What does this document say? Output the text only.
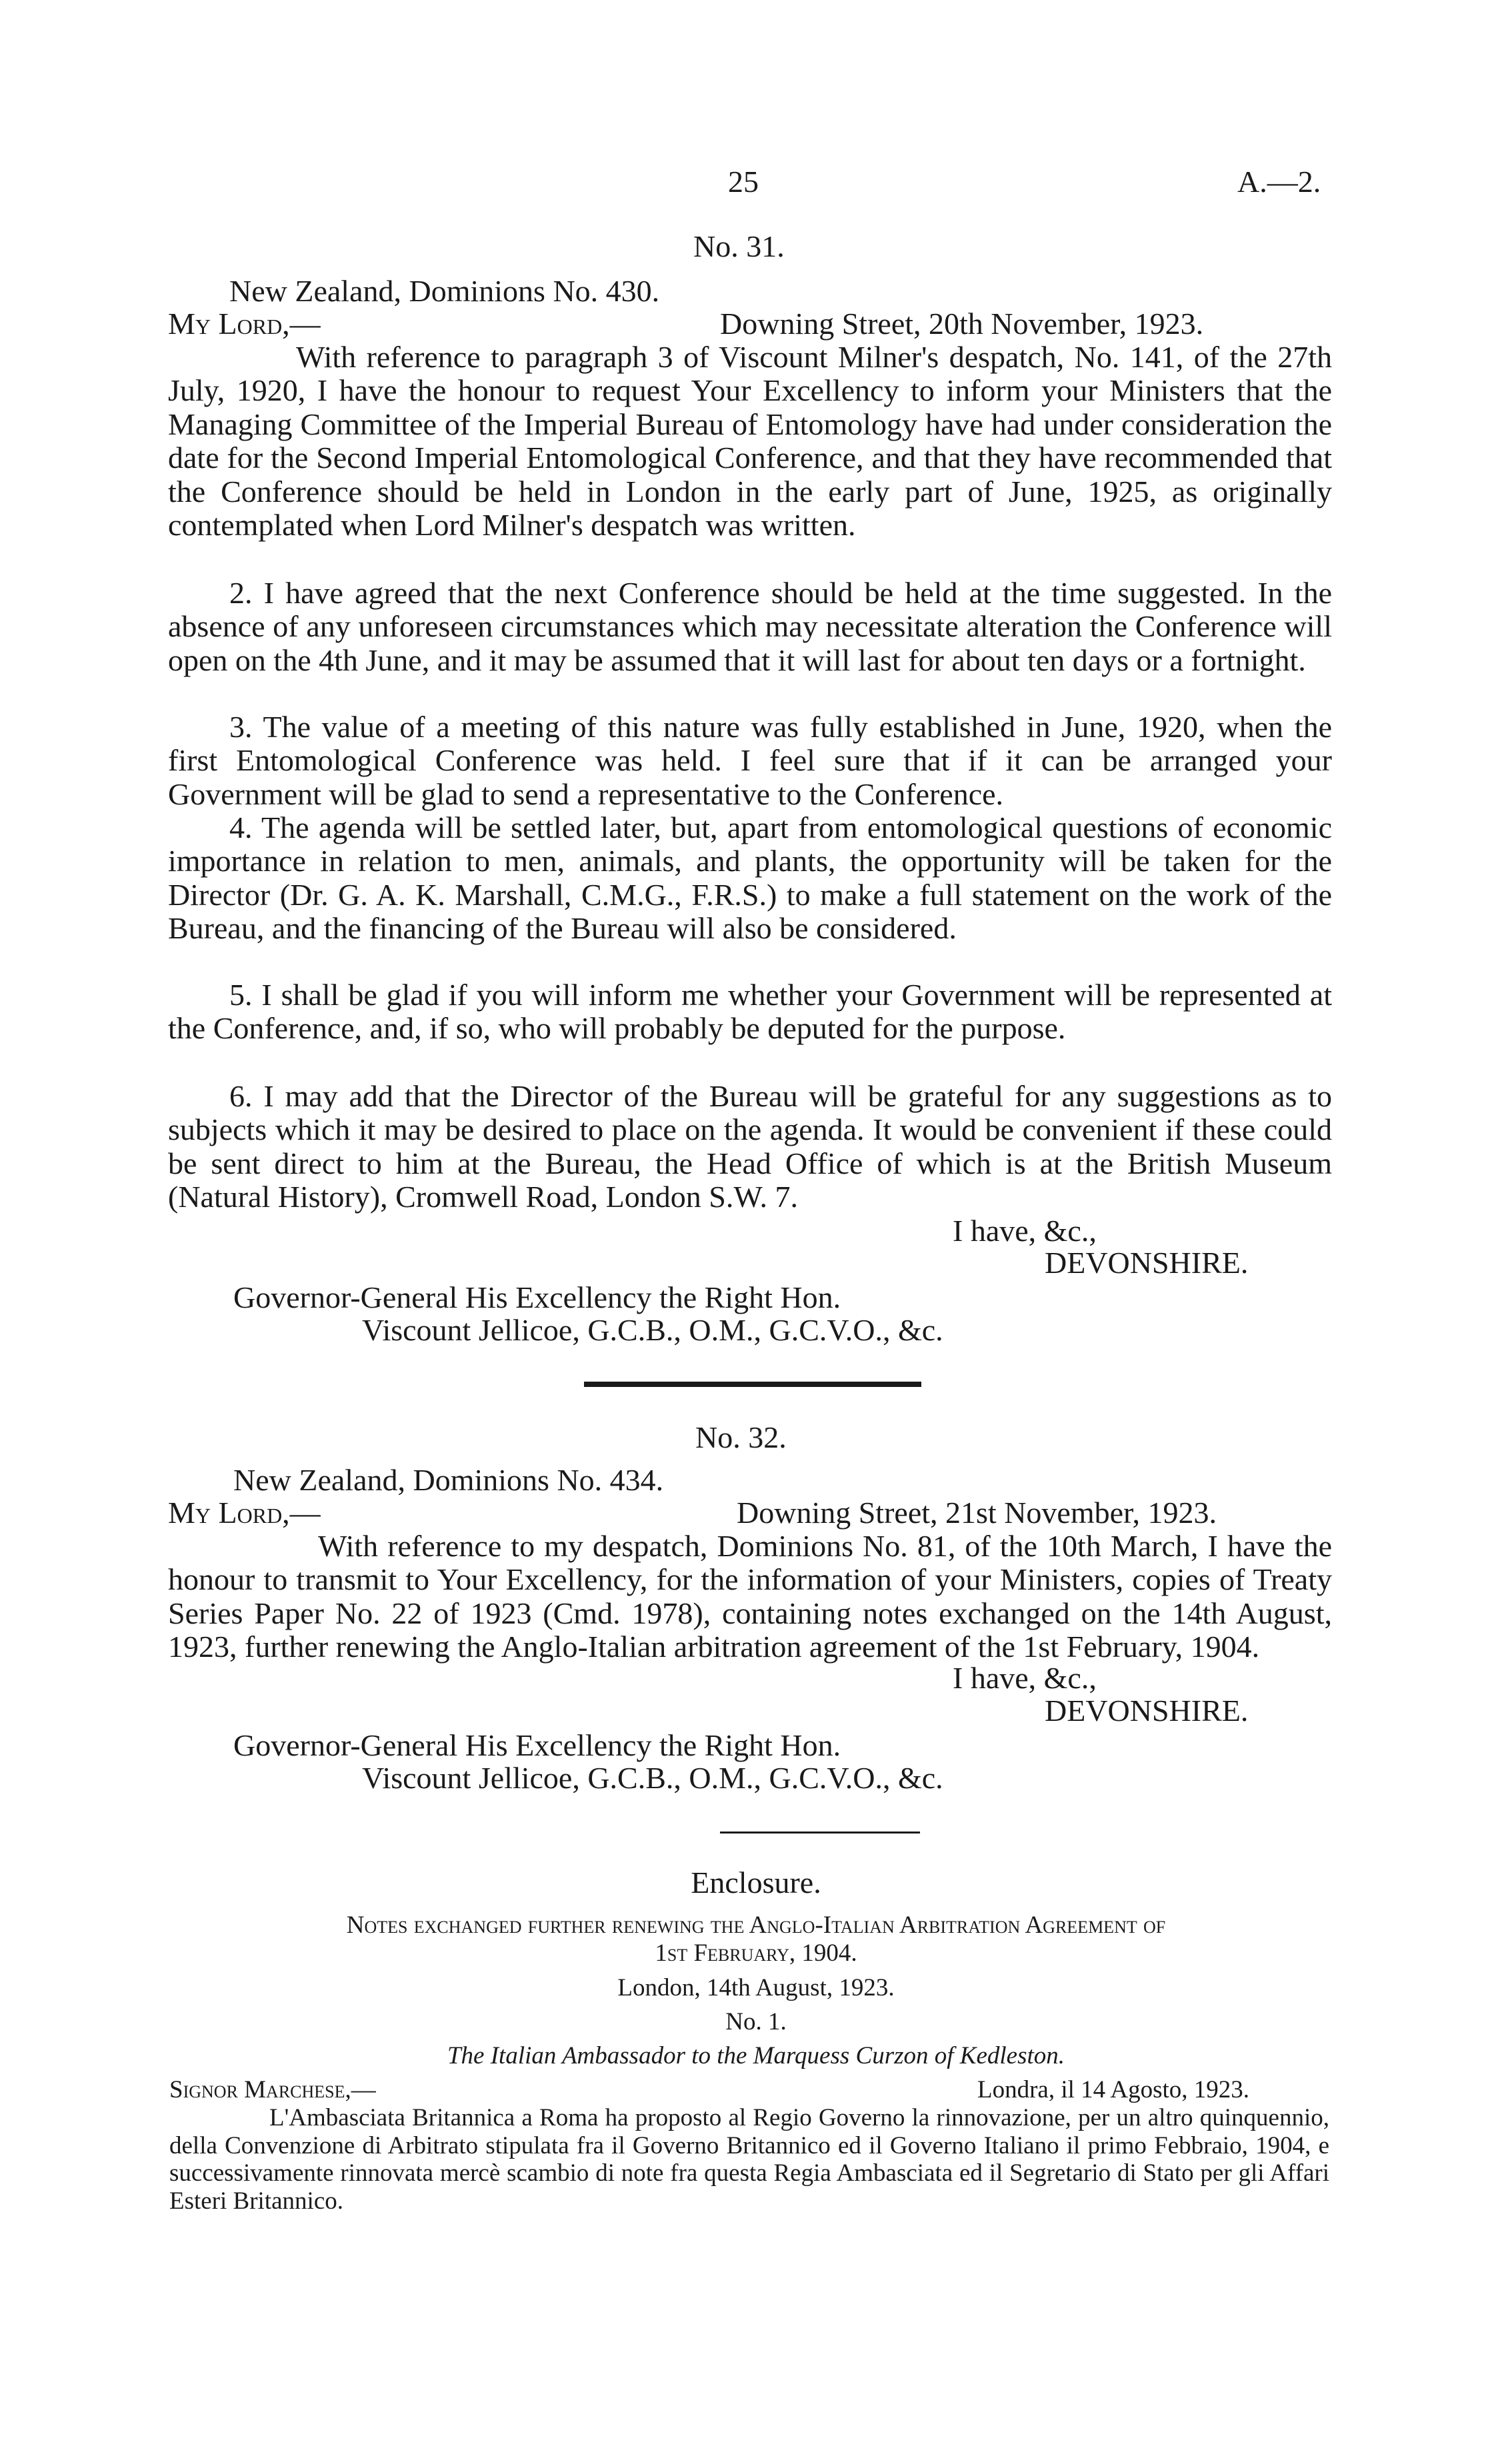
25	A.—2.
No. 31.
New Zealand, Dominions No. 430.
My Lord,—	Downing Street, 20th November, 1923.
With reference to paragraph 3 of Viscount Milner's despatch, No. 141, of the 27th July, 1920, I have the honour to request Your Excellency to inform your Ministers that the Managing Committee of the Imperial Bureau of Entomology have had under consideration the date for the Second Imperial Entomological Conference, and that they have recommended that the Conference should be held in London in the early part of June, 1925, as originally contemplated when Lord Milner's despatch was written.
2. I have agreed that the next Conference should be held at the time suggested. In the absence of any unforeseen circumstances which may necessitate alteration the Conference will open on the 4th June, and it may be assumed that it will last for about ten days or a fortnight.
3. The value of a meeting of this nature was fully established in June, 1920, when the first Entomological Conference was held. I feel sure that if it can be arranged your Government will be glad to send a representative to the Conference.
4. The agenda will be settled later, but, apart from entomological questions of economic importance in relation to men, animals, and plants, the opportunity will be taken for the Director (Dr. G. A. K. Marshall, C.M.G., F.R.S.) to make a full statement on the work of the Bureau, and the financing of the Bureau will also be considered.
5. I shall be glad if you will inform me whether your Government will be represented at the Conference, and, if so, who will probably be deputed for the purpose.
6. I may add that the Director of the Bureau will be grateful for any suggestions as to subjects which it may be desired to place on the agenda. It would be convenient if these could be sent direct to him at the Bureau, the Head Office of which is at the British Museum (Natural History), Cromwell Road, London S.W. 7.
I have, &c.,
DEVONSHIRE.
Governor-General His Excellency the Right Hon.
Viscount Jellicoe, G.C.B., O.M., G.C.V.O., &c.
No. 32.
New Zealand, Dominions No. 434.
My Lord,—	Downing Street, 21st November, 1923.
With reference to my despatch, Dominions No. 81, of the 10th March, I have the honour to transmit to Your Excellency, for the information of your Ministers, copies of Treaty Series Paper No. 22 of 1923 (Cmd. 1978), containing notes exchanged on the 14th August, 1923, further renewing the Anglo-Italian arbitration agreement of the 1st February, 1904.
I have, &c.,
DEVONSHIRE.
Governor-General His Excellency the Right Hon.
Viscount Jellicoe, G.C.B., O.M., G.C.V.O., &c.
Enclosure.
Notes exchanged further renewing the Anglo-Italian Arbitration Agreement of
1st February, 1904.
London, 14th August, 1923.
No. 1.
The Italian Ambassador to the Marquess Curzon of Kedleston.
Signor Marchese,—	Londra, il 14 Agosto, 1923.
L'Ambasciata Britannica a Roma ha proposto al Regio Governo la rinnovazione, per un altro quinquennio, della Convenzione di Arbitrato stipulata fra il Governo Britannico ed il Governo Italiano il primo Febbraio, 1904, e successivamente rinnovata mercè scambio di note fra questa Regia Ambasciata ed il Segretario di Stato per gli Affari Esteri Britannico.
